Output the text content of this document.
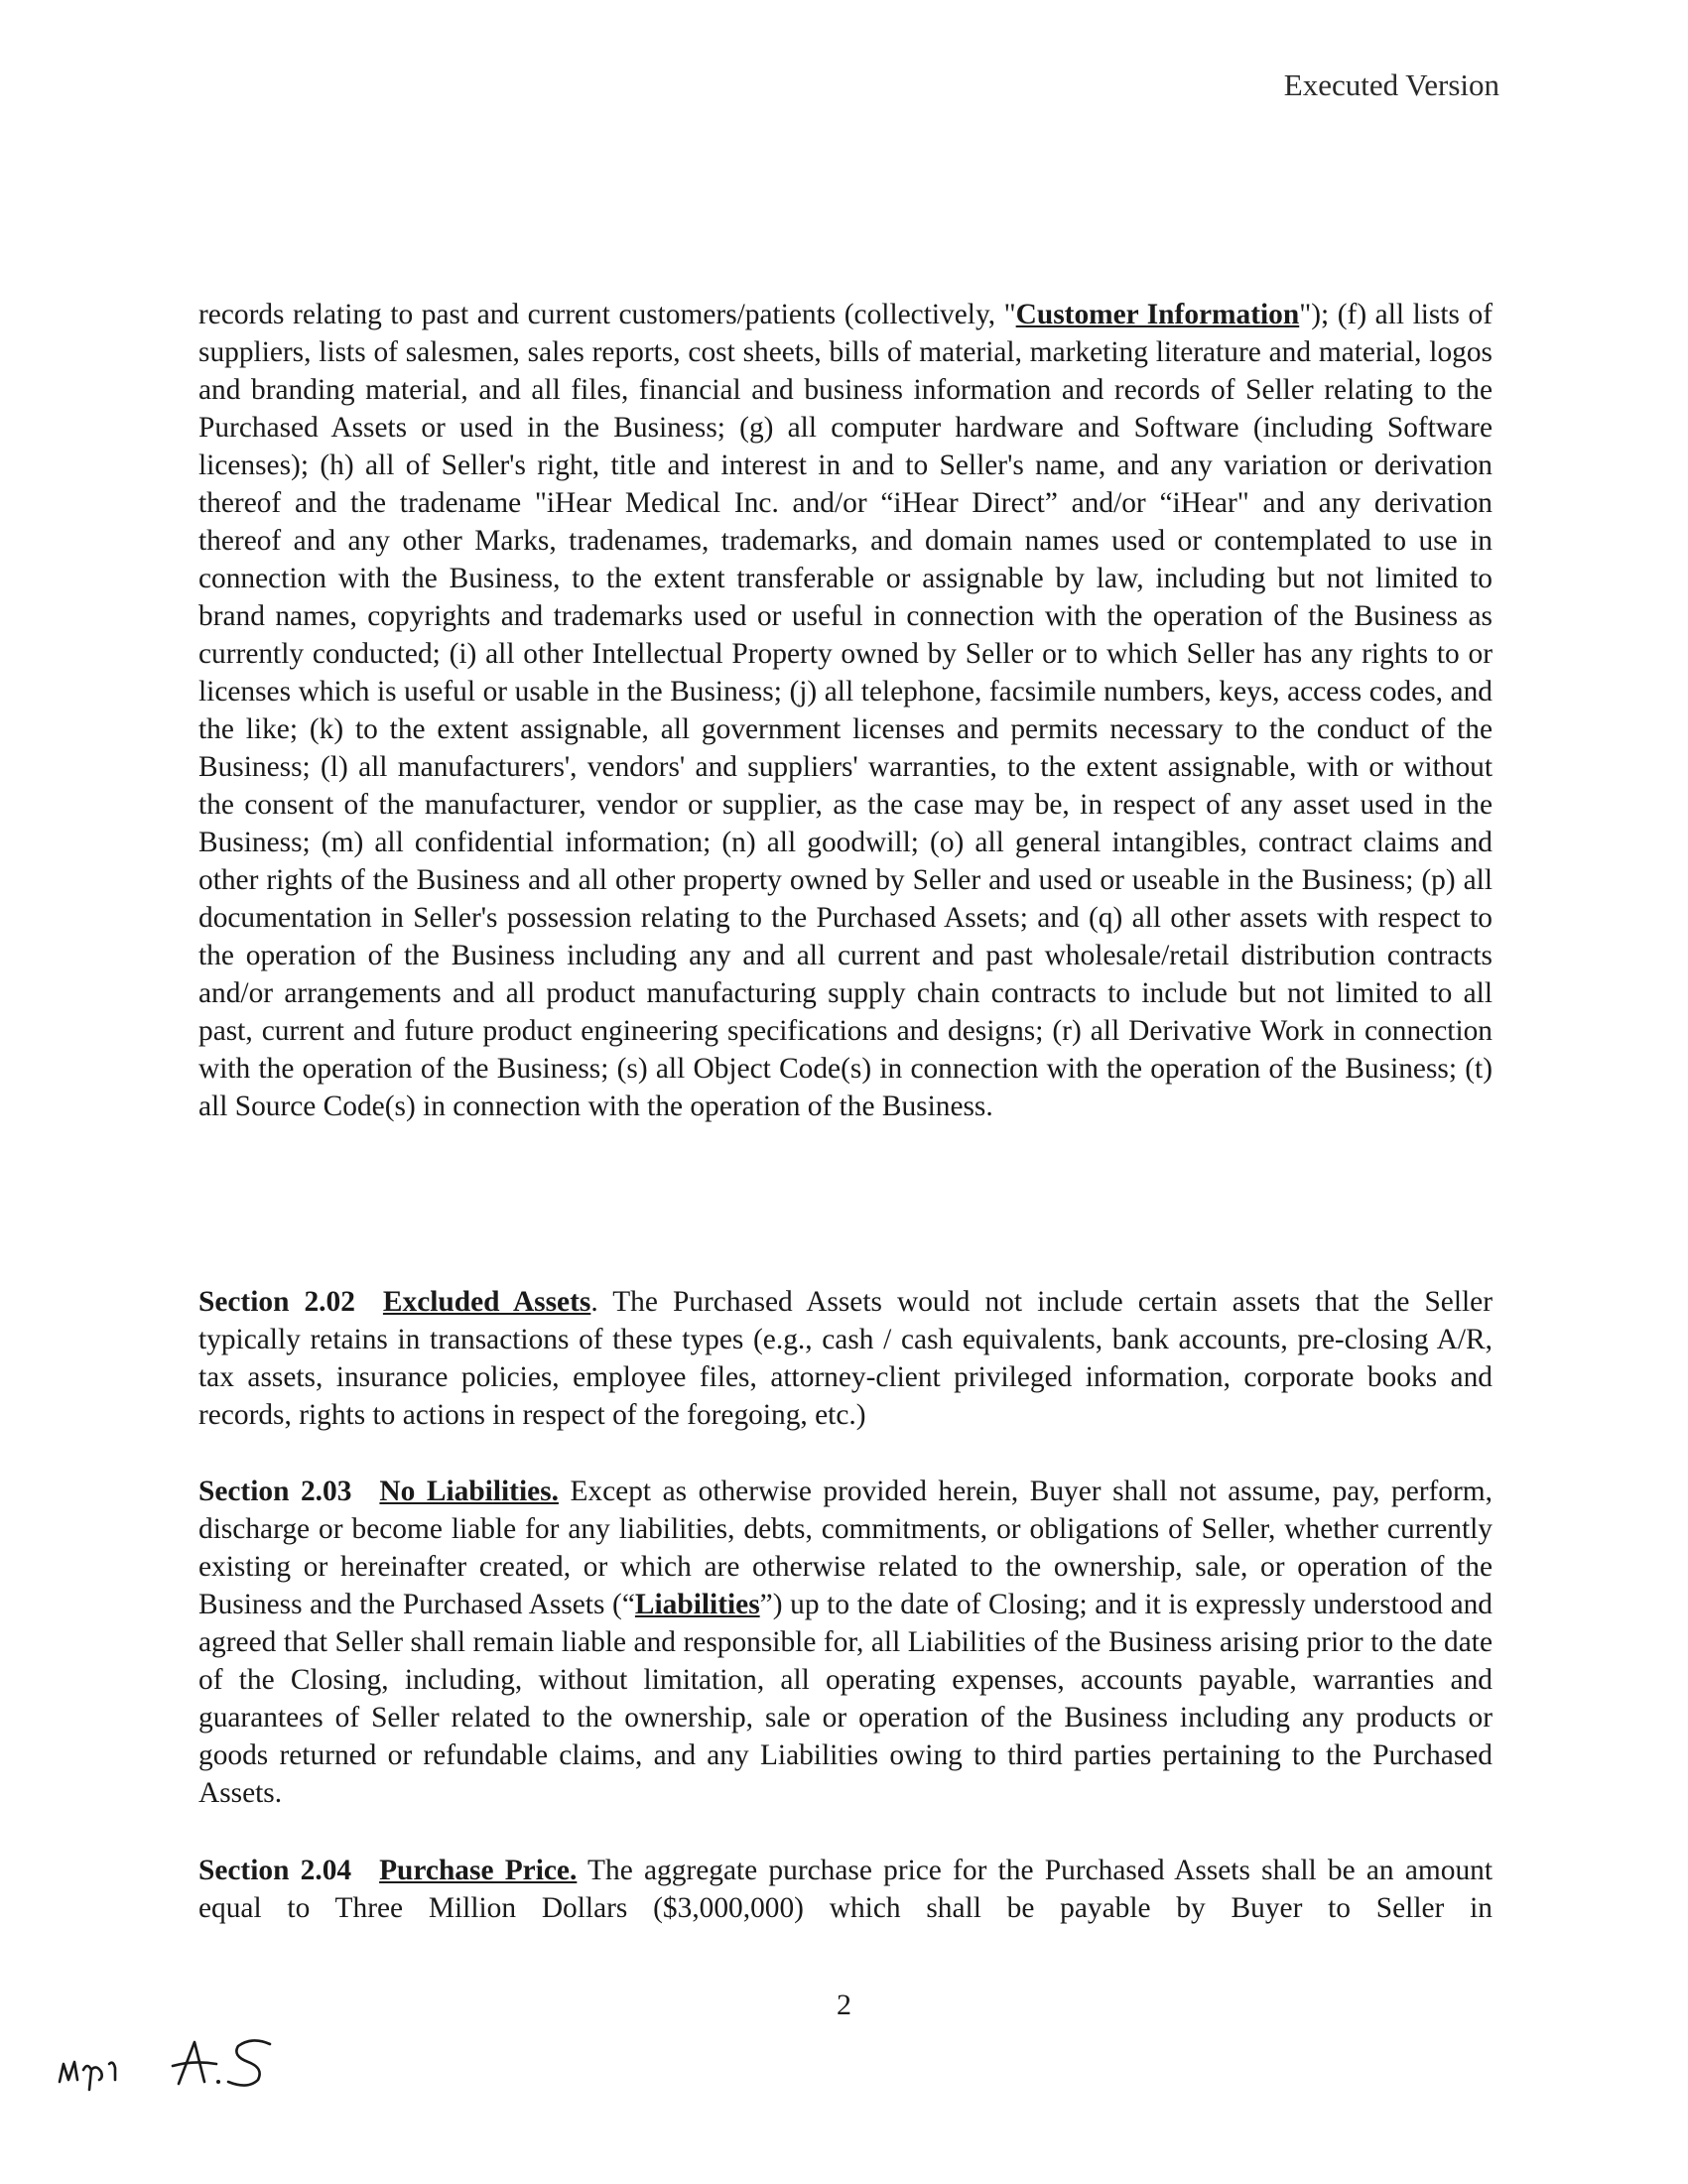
Executed Version

records relating to past and current customers/patients (collectively, "Customer Information"); (f) all lists of suppliers, lists of salesmen, sales reports, cost sheets, bills of material, marketing literature and material, logos and branding material, and all files, financial and business information and records of Seller relating to the Purchased Assets or used in the Business; (g) all computer hardware and Software (including Software licenses); (h) all of Seller's right, title and interest in and to Seller's name, and any variation or derivation thereof and the tradename "iHear Medical Inc. and/or “iHear Direct” and/or “iHear" and any derivation thereof and any other Marks, tradenames, trademarks, and domain names used or contemplated to use in connection with the Business, to the extent transferable or assignable by law, including but not limited to brand names, copyrights and trademarks used or useful in connection with the operation of the Business as currently conducted; (i) all other Intellectual Property owned by Seller or to which Seller has any rights to or licenses which is useful or usable in the Business; (j) all telephone, facsimile numbers, keys, access codes, and the like; (k) to the extent assignable, all government licenses and permits necessary to the conduct of the Business; (l) all manufacturers', vendors' and suppliers' warranties, to the extent assignable, with or without the consent of the manufacturer, vendor or supplier, as the case may be, in respect of any asset used in the Business; (m) all confidential information; (n) all goodwill; (o) all general intangibles, contract claims and other rights of the Business and all other property owned by Seller and used or useable in the Business; (p) all documentation in Seller's possession relating to the Purchased Assets; and (q) all other assets with respect to the operation of the Business including any and all current and past wholesale/retail distribution contracts and/or arrangements and all product manufacturing supply chain contracts to include but not limited to all past, current and future product engineering specifications and designs; (r) all Derivative Work in connection with the operation of the Business; (s) all Object Code(s) in connection with the operation of the Business; (t) all Source Code(s) in connection with the operation of the Business.

Section 2.02 Excluded Assets. The Purchased Assets would not include certain assets that the Seller typically retains in transactions of these types (e.g., cash / cash equivalents, bank accounts, pre-closing A/R, tax assets, insurance policies, employee files, attorney-client privileged information, corporate books and records, rights to actions in respect of the foregoing, etc.)

Section 2.03 No Liabilities. Except as otherwise provided herein, Buyer shall not assume, pay, perform, discharge or become liable for any liabilities, debts, commitments, or obligations of Seller, whether currently existing or hereinafter created, or which are otherwise related to the ownership, sale, or operation of the Business and the Purchased Assets (“Liabilities”) up to the date of Closing; and it is expressly understood and agreed that Seller shall remain liable and responsible for, all Liabilities of the Business arising prior to the date of the Closing, including, without limitation, all operating expenses, accounts payable, warranties and guarantees of Seller related to the ownership, sale or operation of the Business including any products or goods returned or refundable claims, and any Liabilities owing to third parties pertaining to the Purchased Assets.

Section 2.04 Purchase Price. The aggregate purchase price for the Purchased Assets shall be an amount equal to Three Million Dollars ($3,000,000) which shall be payable by Buyer to Seller in

2
